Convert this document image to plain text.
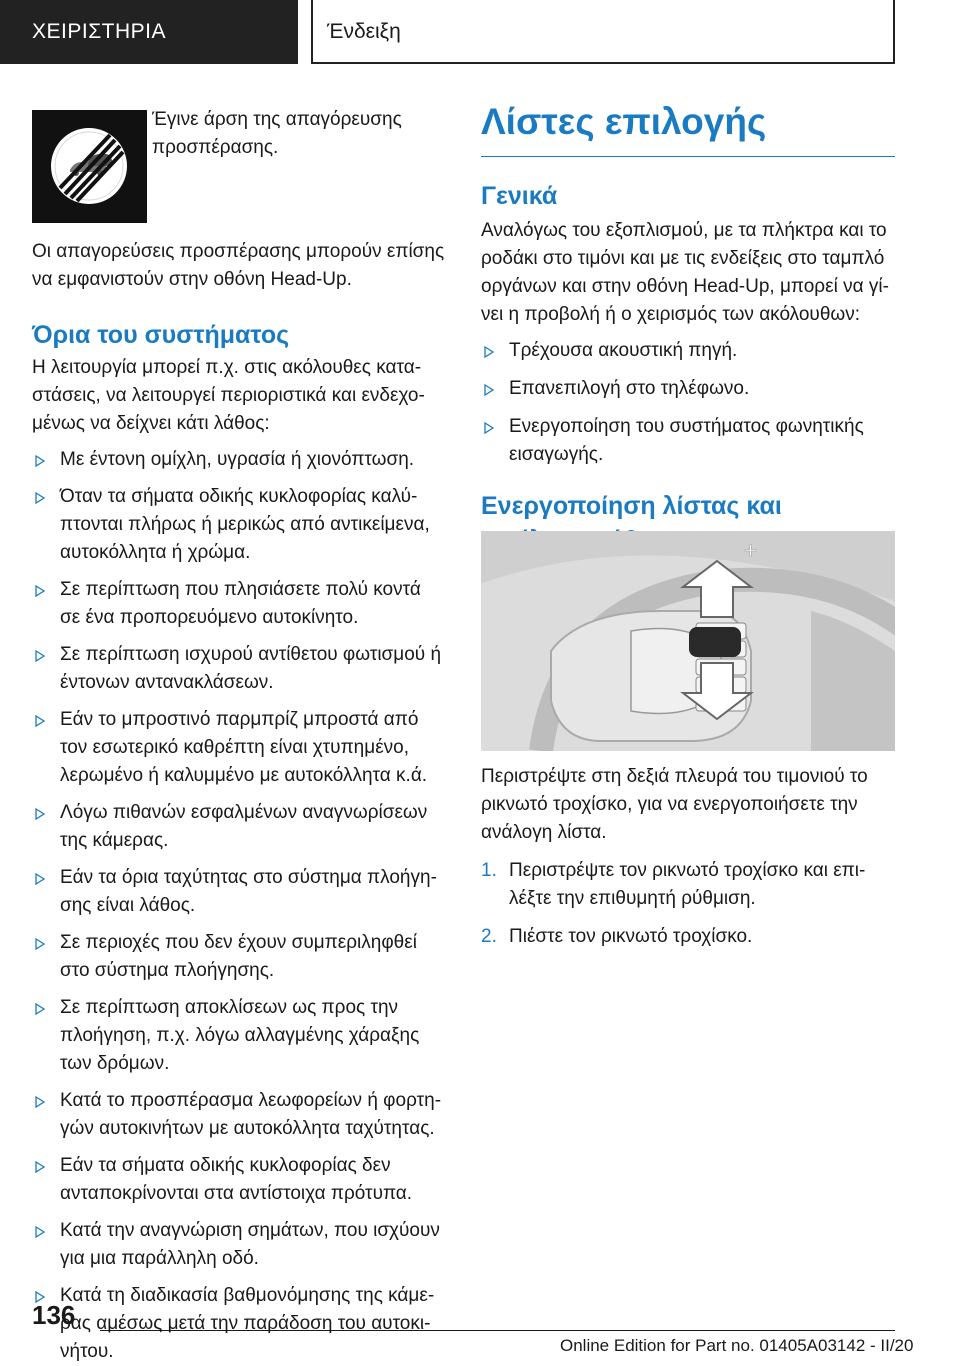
ΧΕΙΡΙΣΤΗΡΙΑ	Ένδειξη

Έγινε άρση της απαγόρευσης προσπέρασης.

Οι απαγορεύσεις προσπέρασης μπορούν επίσης να εμφανιστούν στην οθόνη Head-Up.

Όρια του συστήματος

Η λειτουργία μπορεί π.χ. στις ακόλουθες καταστάσεις, να λειτουργεί περιοριστικά και ενδεχομένως να δείχνει κάτι λάθος:

Με έντονη ομίχλη, υγρασία ή χιονόπτωση.
Όταν τα σήματα οδικής κυκλοφορίας καλύπτονται πλήρως ή μερικώς από αντικείμενα, αυτοκόλλητα ή χρώμα.
Σε περίπτωση που πλησιάσετε πολύ κοντά σε ένα προπορευόμενο αυτοκίνητο.
Σε περίπτωση ισχυρού αντίθετου φωτισμού ή έντονων αντανακλάσεων.
Εάν το μπροστινό παρμπρίζ μπροστά από τον εσωτερικό καθρέπτη είναι χτυπημένο, λερωμένο ή καλυμμένο με αυτοκόλλητα κ.ά.
Λόγω πιθανών εσφαλμένων αναγνωρίσεων της κάμερας.
Εάν τα όρια ταχύτητας στο σύστημα πλοήγησης είναι λάθος.
Σε περιοχές που δεν έχουν συμπεριληφθεί στο σύστημα πλοήγησης.
Σε περίπτωση αποκλίσεων ως προς την πλοήγηση, π.χ. λόγω αλλαγμένης χάραξης των δρόμων.
Κατά το προσπέρασμα λεωφορείων ή φορτηγών αυτοκινήτων με αυτοκόλλητα ταχύτητας.
Εάν τα σήματα οδικής κυκλοφορίας δεν ανταποκρίνονται στα αντίστοιχα πρότυπα.
Κατά την αναγνώριση σημάτων, που ισχύουν για μια παράλληλη οδό.
Κατά τη διαδικασία βαθμονόμησης της κάμερας αμέσως μετά την παράδοση του αυτοκινήτου.
Λίστες επιλογής
Γενικά

Αναλόγως του εξοπλισμού, με τα πλήκτρα και το ροδάκι στο τιμόνι και με τις ενδείξεις στο ταμπλό οργάνων και στην οθόνη Head-Up, μπορεί να γίνει η προβολή ή ο χειρισμός των ακόλουθων:

Τρέχουσα ακουστική πηγή.
Επανεπιλογή στο τηλέφωνο.
Ενεργοποίηση του συστήματος φωνητικής εισαγωγής.
Ενεργοποίηση λίστας και
+

Περιστρέψτε στη δεξιά πλευρά του τιμονιού το ρικνωτό τροχίσκο, για να ενεργοποιήσετε την ανάλογη λίστα.

1. Περιστρέψτε τον ρικνωτό τροχίσκο και επιλέξτε την επιθυμητή ρύθμιση.
2. Πιέστε τον ρικνωτό τροχίσκο.
136
Online Edition for Part no. 01405A03142 - II/20
